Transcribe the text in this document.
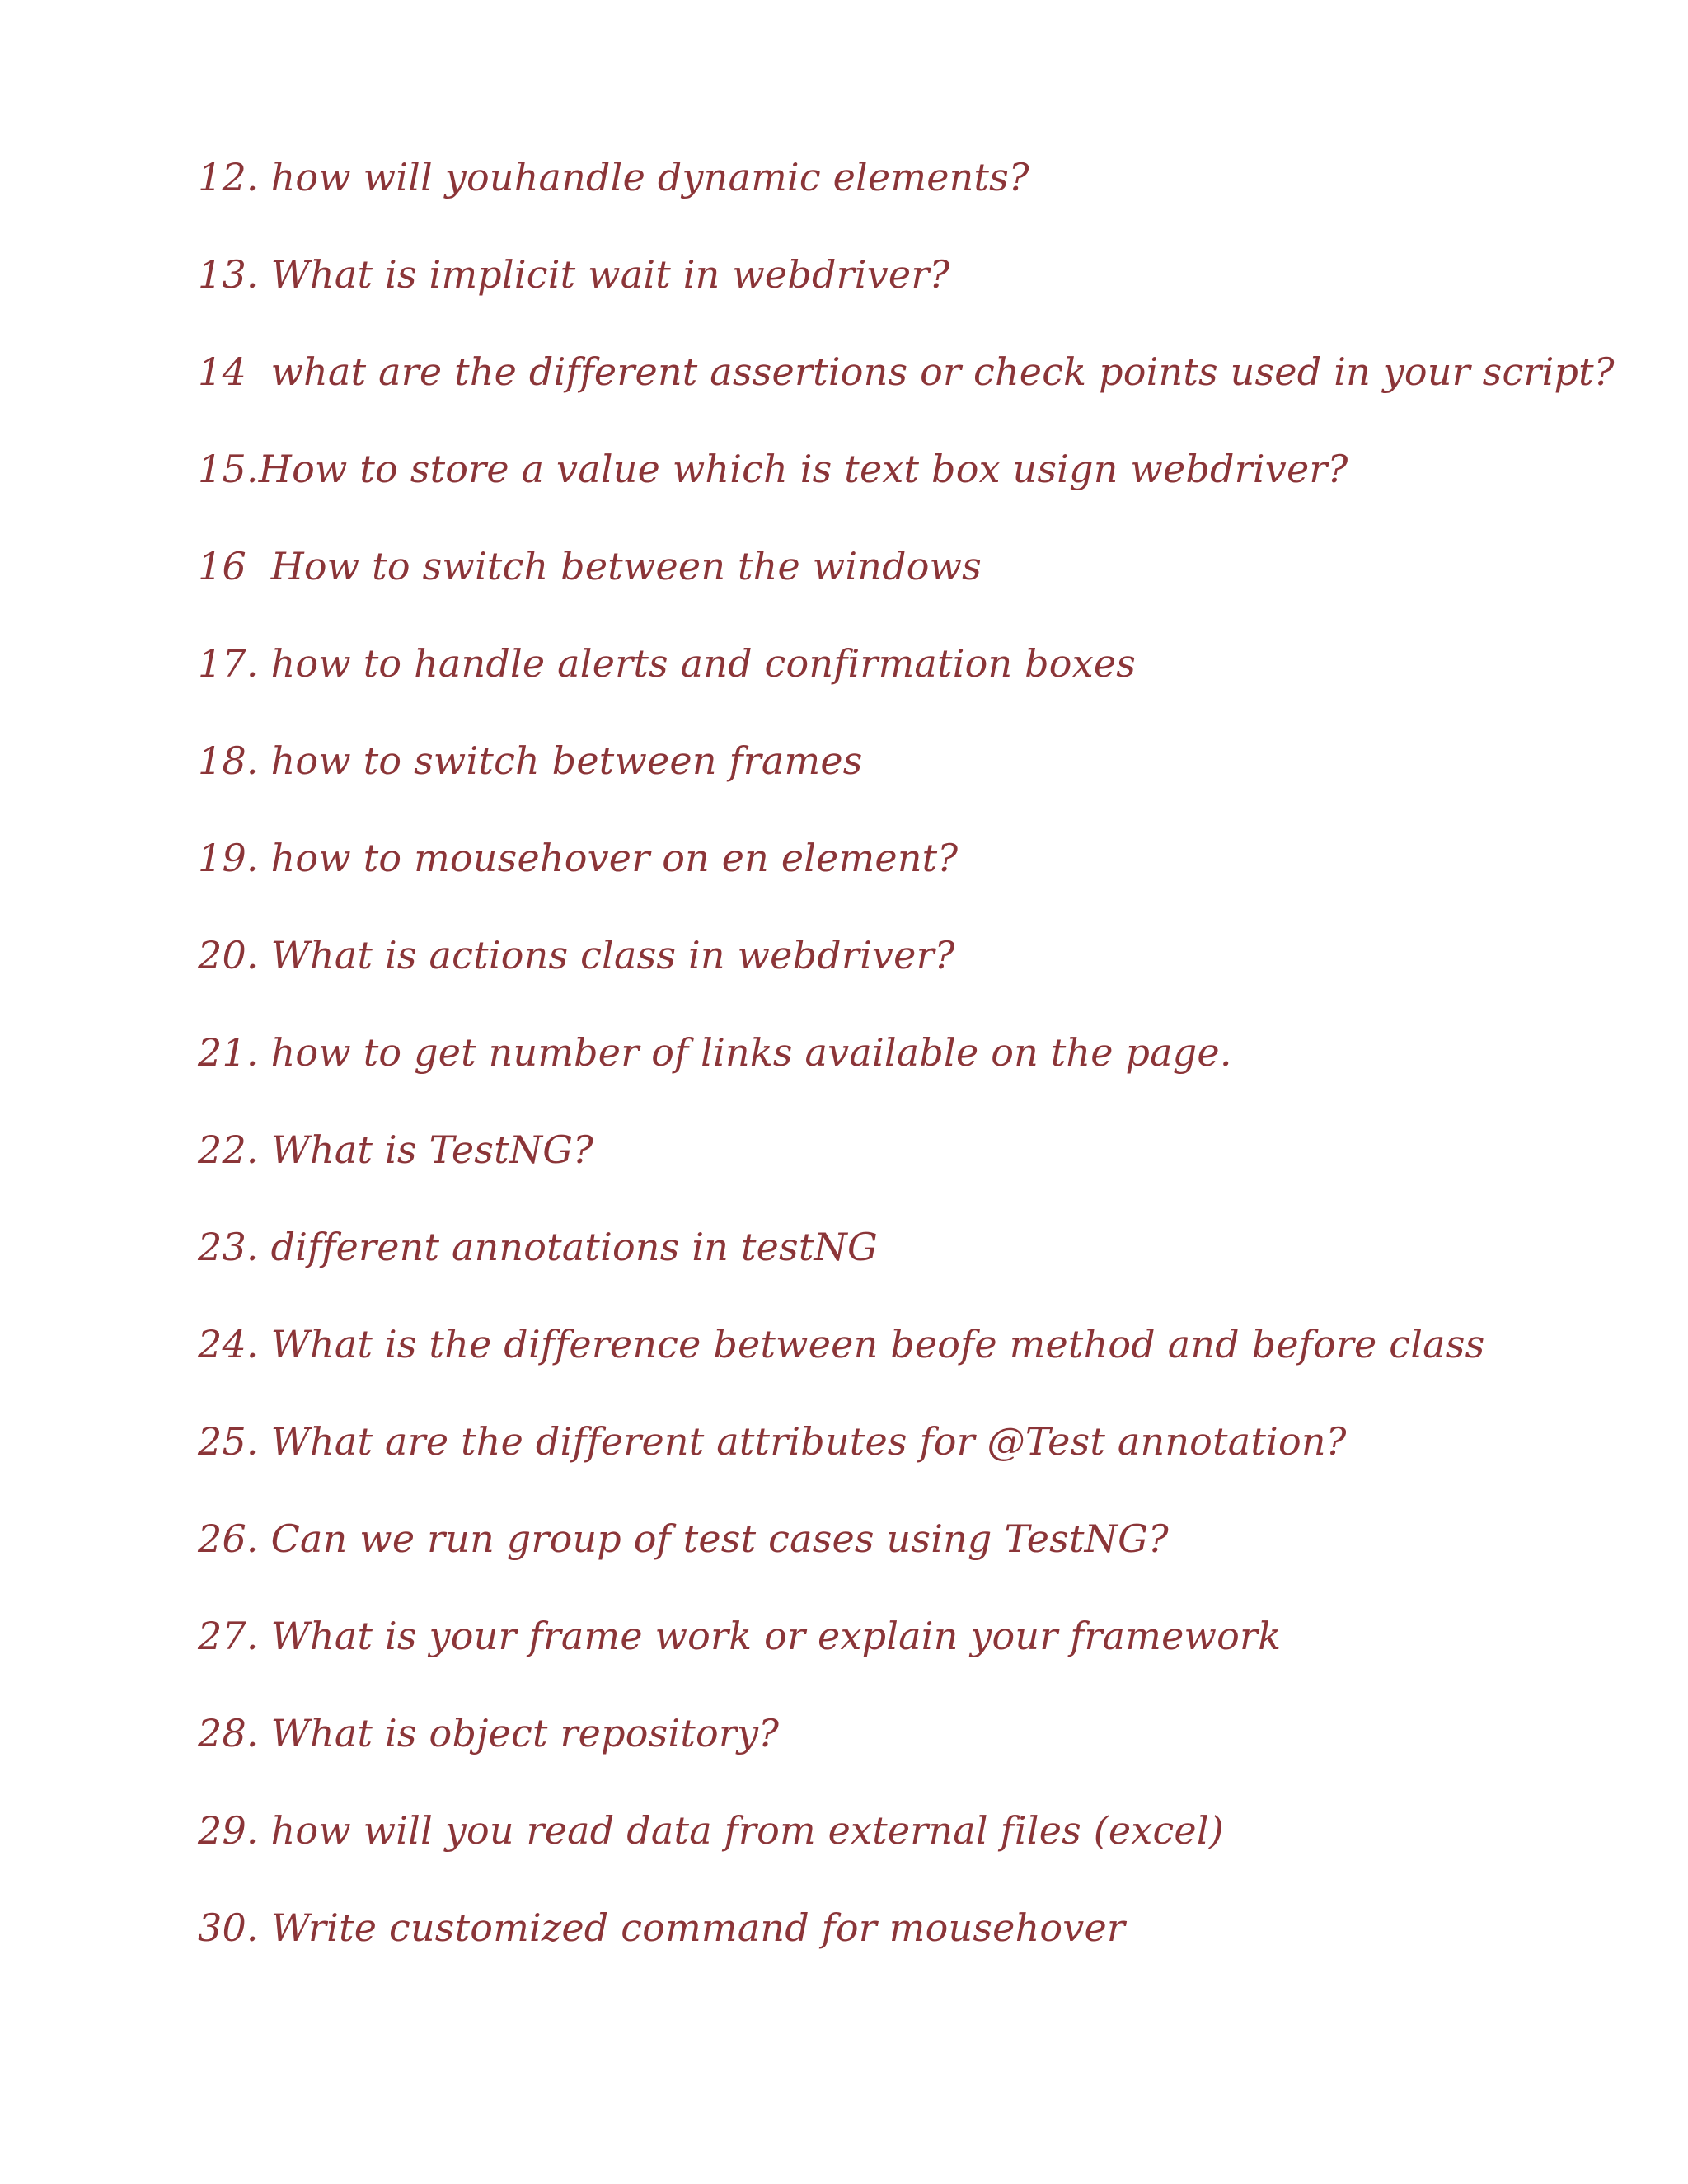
12. how will youhandle dynamic elements?
13. What is implicit wait in webdriver?
14  what are the different assertions or check points used in your script?
15.How to store a value which is text box usign webdriver?
16  How to switch between the windows
17. how to handle alerts and confirmation boxes
18. how to switch between frames
19. how to mousehover on en element?
20. What is actions class in webdriver?
21. how to get number of links available on the page.
22. What is TestNG?
23. different annotations in testNG
24. What is the difference between beofe method and before class
25. What are the different attributes for @Test annotation?
26. Can we run group of test cases using TestNG?
27. What is your frame work or explain your framework
28. What is object repository?
29. how will you read data from external files (excel)
30. Write customized command for mousehover
